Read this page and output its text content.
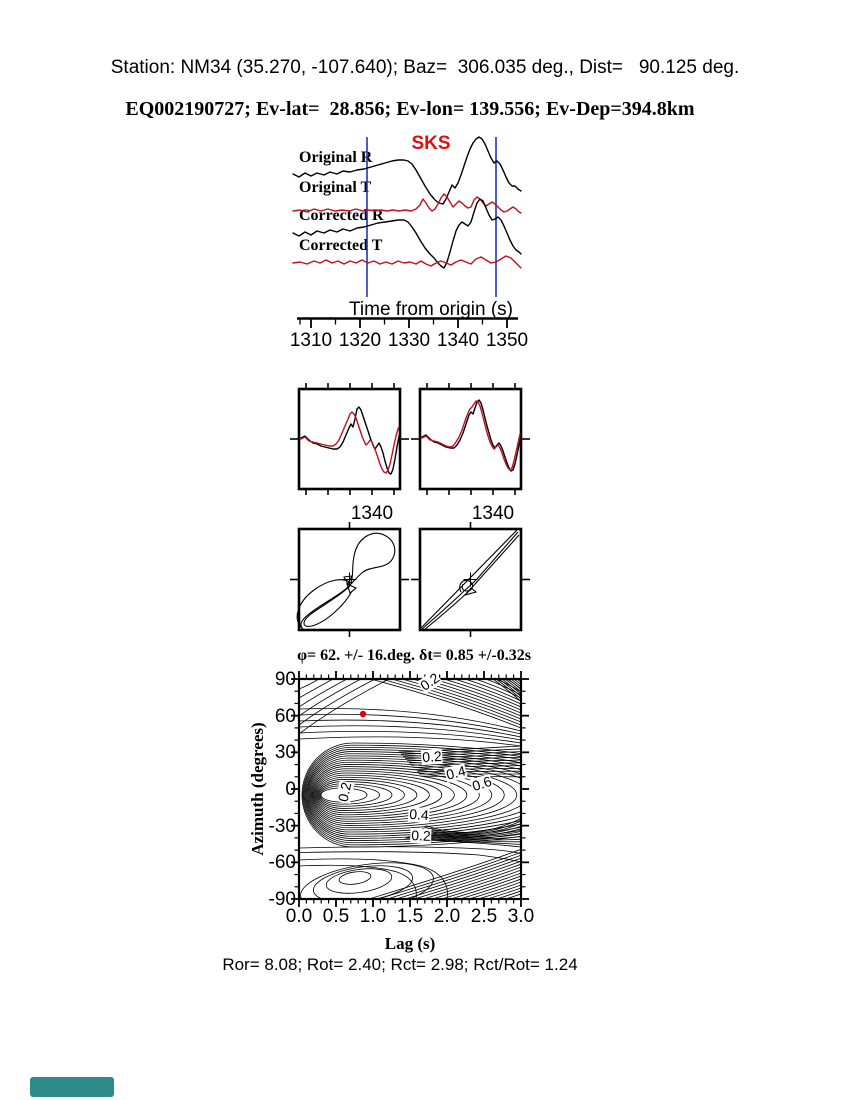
Station: NM34 (35.270, -107.640); Baz=  306.035 deg., Dist=   90.125 deg.
EQ002190727; Ev-lat=  28.856; Ev-lon= 139.556; Ev-Dep=394.8km
SKS
Original R
Original T
Corrected R
Corrected T
Time from origin (s)
φ= 62. +/- 16.deg. δt= 0.85 +/-0.32s
Azimuth (degrees)
Lag (s)
Ror= 8.08; Rot= 2.40; Rct= 2.98; Rct/Rot= 1.24
1310 1320 1330 1340 1350
1340	1340
90
60
30
0
-30
-60
-90
0.0 0.5 1.0 1.5 2.0 2.5 3.0
0.2
0.4
0.6
0.4
0.2
0.2
0.2
